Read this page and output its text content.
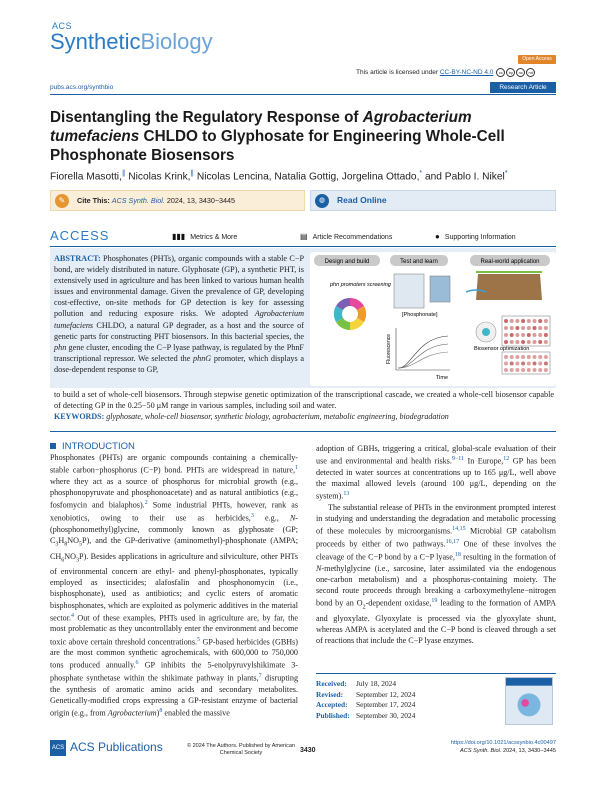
ACS
SyntheticBiology
Open Access
This article is licensed under CC-BY-NC-ND 4.0 cc by nc nd
pubs.acs.org/synthbio	Research Article
Disentangling the Regulatory Response of Agrobacterium tumefaciens CHLDO to Glyphosate for Engineering Whole-Cell Phosphonate Biosensors
Fiorella Masotti,∥ Nicolas Krink,∥ Nicolas Lencina, Natalia Gottig, Jorgelina Ottado,* and Pablo I. Nikel*
✎	Cite This: ACS Synth. Biol. 2024, 13, 3430−3445	◍	Read Online
ACCESS	▮▮▮ Metrics & More	▤ Article Recommendations	● Supporting Information
ABSTRACT: Phosphonates (PHTs), organic compounds with a stable C−P bond, are widely distributed in nature. Glyphosate (GP), a synthetic PHT, is extensively used in agriculture and has been linked to various human health issues and environmental damage. Given the prevalence of GP, developing cost-effective, on-site methods for GP detection is key for assessing pollution and reducing exposure risks. We adopted Agrobacterium tumefaciens CHLDO, a natural GP degrader, as a host and the source of genetic parts for constructing PHT biosensors. In this bacterial species, the phn gene cluster, encoding the C−P lyase pathway, is regulated by the PhnF transcriptional repressor. We selected the phnG promoter, which displays a dose-dependent response to GP,
Design and build	Test and learn	Real-world application
phn promoters screening
[Phosphonate]
Fluorescence
Time
Biosensor optimization
to build a set of whole-cell biosensors. Through stepwise genetic optimization of the transcriptional cascade, we created a whole-cell biosensor capable of detecting GP in the 0.25−50 μM range in various samples, including soil and water.
KEYWORDS: glyphosate, whole-cell biosensor, synthetic biology, agrobacterium, metabolic engineering, biodegradation
INTRODUCTION
Phosphonates (PHTs) are organic compounds containing a chemically-stable carbon−phosphorus (C−P) bond. PHTs are widespread in nature,$^1$ where they act as a source of phosphorus for microbial growth (e.g., phosphonopyruvate and phosphonoacetate) and as natural antibiotics (e.g., fosfomycin and bialaphos).$^2$ Some industrial PHTs, however, rank as xenobiotics, owing to their use as herbicides,$^3$ e.g., N-(phosphonomethyl)glycine, commonly known as glyphosate (GP; $C_3H_8NO_5P$), and the GP-derivative (aminomethyl)-phosphonate (AMPA; $CH_6NO_3P$). Besides applications in agriculture and silviculture, other PHTs of environmental concern are ethyl- and phenyl-phosphonates, typically employed as insecticides; alafosfalin and phosphonomycin (i.e., bisphosphonate), used as antibiotics; and cyclic esters of aromatic bisphosphonates, which are exploited as polymeric additives in the material sector.$^4$ Out of these examples, PHTs used in agriculture are, by far, the most problematic as they uncontrollably enter the environment and become toxic above certain threshold concentrations.$^5$ GP-based herbicides (GBHs) are the most common synthetic agrochemicals, with 600,000 to 750,000 tons produced annually.$^6$ GP inhibits the 5-enolpyruvylshikimate 3-phosphate synthetase within the shikimate pathway in plants,$^7$ disrupting the synthesis of aromatic amino acids and secondary metabolites. Genetically-modified crops expressing a GP-resistant enzyme of bacterial origin (e.g., from Agrobacterium)$^8$ enabled the massive

adoption of GBHs, triggering a critical, global-scale evaluation of their use and environmental and health risks.$^{9-11}$ In Europe,$^{12}$ GP has been detected in water sources at concentrations up to 165 μg/L, well above the maximal allowed levels (around 100 μg/L, depending on the system).$^{13}$

The substantial release of PHTs in the environment prompted interest in studying and understanding the degradation and metabolic processing of these molecules by microorganisms.$^{14,15}$ Microbial GP catabolism proceeds by either of two pathways.$^{16,17}$ One of these involves the cleavage of the C−P bond by a C−P lyase,$^{18}$ resulting in the formation of N-methylglycine (i.e., sarcosine, later assimilated via the endogenous one-carbon metabolism) and a phosphorus-containing moiety. The second route proceeds through breaking a carboxymethylene−nitrogen bond by an $O_2$-dependent oxidase,$^{19}$ leading to the formation of AMPA and glyoxylate. Glyoxylate is processed via the glyoxylate shunt, whereas AMPA is acetylated and the C−P bond is cleaved through a set of reactions that include the C−P lyase enzymes.

Received: July 18, 2024
Revised: September 12, 2024
Accepted: September 17, 2024
Published: September 30, 2024
ACS ACS Publications	© 2024 The Authors. Published by American Chemical Society	3430
https://doi.org/10.1021/acssynbio.4c00497
ACS Synth. Biol. 2024, 13, 3430−3445
